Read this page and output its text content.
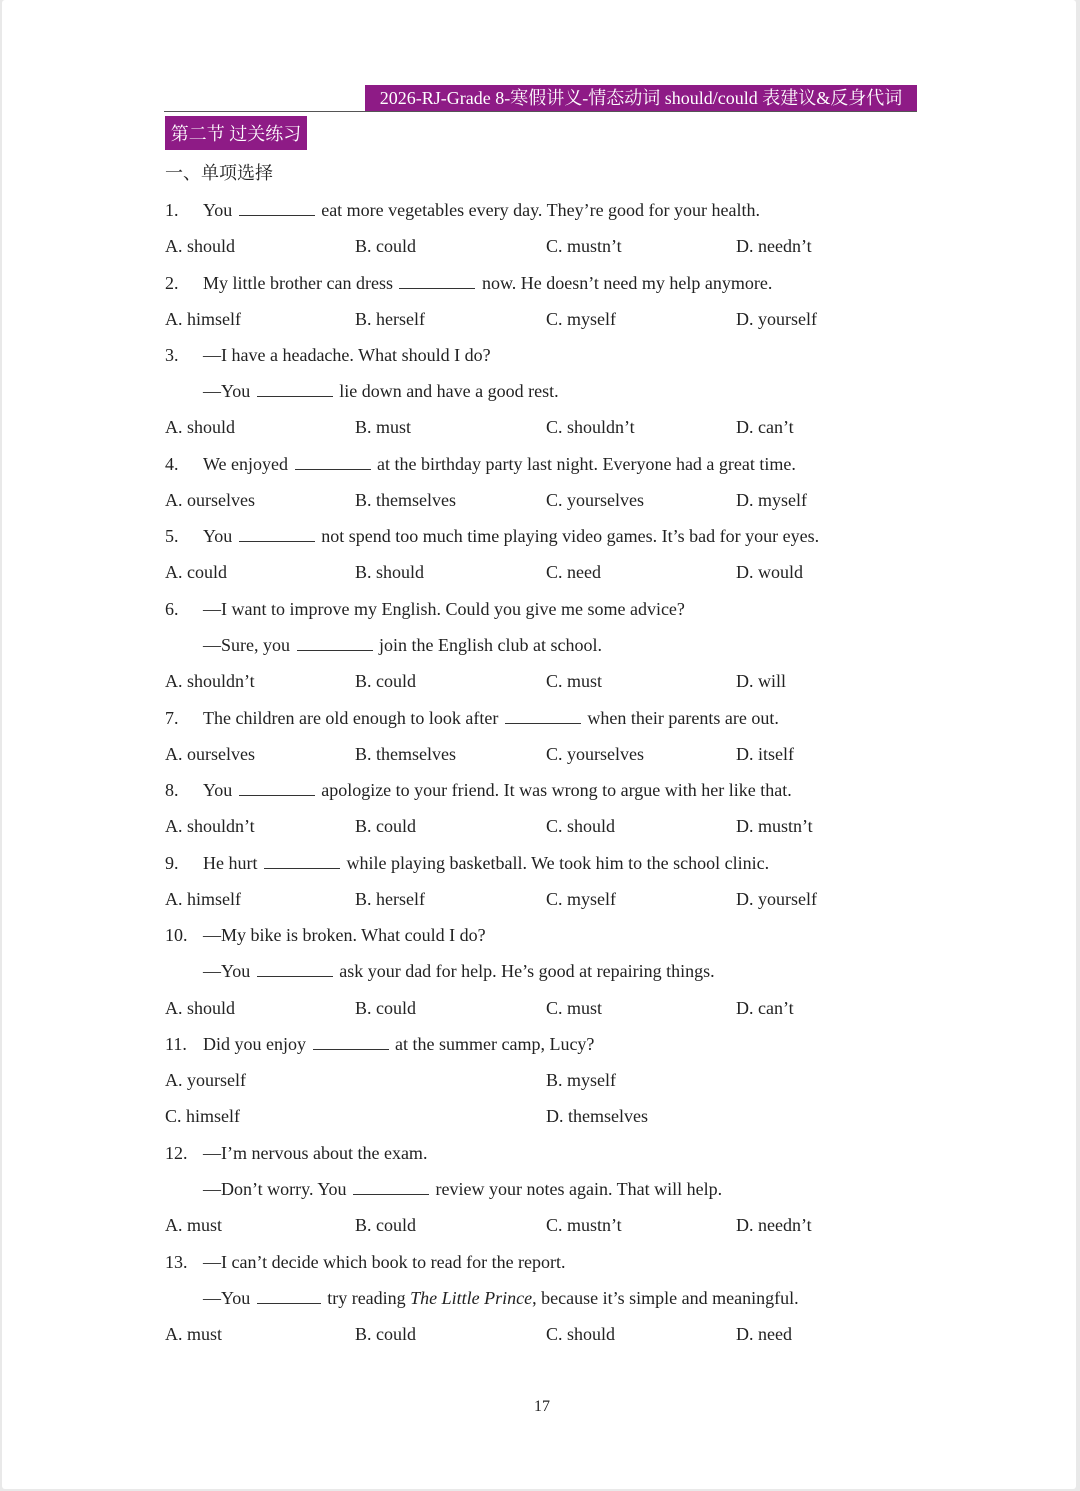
2026-RJ-Grade 8-寒假讲义-情态动词 should/could 表建议&反身代词
第二节 过关练习
一、单项选择
1. You	eat more vegetables every day. They’re good for your health.
A. should	B. could	C. mustn’t	D. needn’t
2. My little brother can dress	now. He doesn’t need my help anymore.
A. himself	B. herself	C. myself	D. yourself
3. —I have a headache. What should I do?
—You	lie down and have a good rest.
A. should	B. must	C. shouldn’t	D. can’t
4. We enjoyed	at the birthday party last night. Everyone had a great time.
A. ourselves	B. themselves	C. yourselves	D. myself
5. You	not spend too much time playing video games. It’s bad for your eyes.
A. could	B. should	C. need	D. would
6. —I want to improve my English. Could you give me some advice?
—Sure, you	join the English club at school.
A. shouldn’t	B. could	C. must	D. will
7. The children are old enough to look after	when their parents are out.
A. ourselves	B. themselves	C. yourselves	D. itself
8. You	apologize to your friend. It was wrong to argue with her like that.
A. shouldn’t	B. could	C. should	D. mustn’t
9. He hurt	while playing basketball. We took him to the school clinic.
A. himself	B. herself	C. myself	D. yourself
10. —My bike is broken. What could I do?
—You	ask your dad for help. He’s good at repairing things.
A. should	B. could	C. must	D. can’t
11. Did you enjoy	at the summer camp, Lucy?
A. yourself	B. myself
C. himself	D. themselves
12. —I’m nervous about the exam.
—Don’t worry. You	review your notes again. That will help.
A. must	B. could	C. mustn’t	D. needn’t
13. —I can’t decide which book to read for the report.
—You	try reading The Little Prince, because it’s simple and meaningful.
A. must	B. could	C. should	D. need
17
